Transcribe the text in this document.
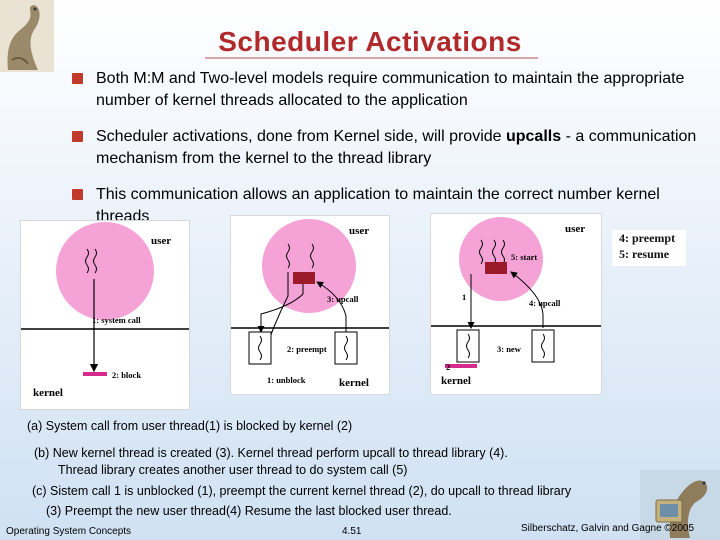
Scheduler Activations
Both M:M and Two-level models require communication to maintain the appropriate number of kernel threads allocated to the application
Scheduler activations, done from Kernel side, will provide upcalls - a communication mechanism from the kernel to the thread library
This communication allows an application to maintain the correct number kernel threads
user
kernel
1: system call
2: block
user
kernel
3: upcall
2: preempt
1: unblock
user
kernel
5: start
4: upcall
1
3: new
2
4: preempt
5: resume
(a) System call from user thread(1) is blocked by kernel (2)
(b) New kernel thread is created (3). Kernel thread perform upcall to thread library (4).
Thread library creates another user thread to do system call (5)
(c) Sistem call 1 is unblocked (1), preempt the current kernel thread (2), do upcall to thread library
(3) Preempt the new user thread(4) Resume the last blocked user thread.
Operating System Concepts	4.51	Silberschatz, Galvin and Gagne ©2005
